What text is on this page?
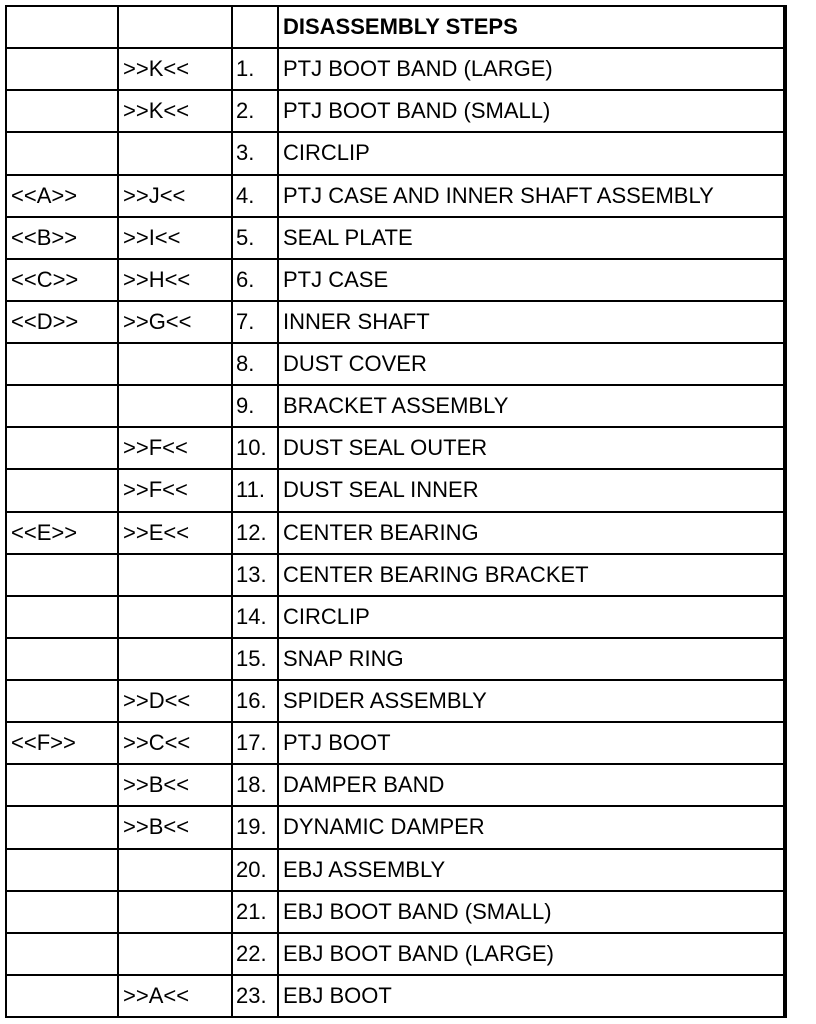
			DISASSEMBLY STEPS
	>>K<<	1.	PTJ BOOT BAND (LARGE)
	>>K<<	2.	PTJ BOOT BAND (SMALL)
		3.	CIRCLIP
<<A>>	>>J<<	4.	PTJ CASE AND INNER SHAFT ASSEMBLY
<<B>>	>>I<<	5.	SEAL PLATE
<<C>>	>>H<<	6.	PTJ CASE
<<D>>	>>G<<	7.	INNER SHAFT
		8.	DUST COVER
		9.	BRACKET ASSEMBLY
	>>F<<	10.	DUST SEAL OUTER
	>>F<<	11.	DUST SEAL INNER
<<E>>	>>E<<	12.	CENTER BEARING
		13.	CENTER BEARING BRACKET
		14.	CIRCLIP
		15.	SNAP RING
	>>D<<	16.	SPIDER ASSEMBLY
<<F>>	>>C<<	17.	PTJ BOOT
	>>B<<	18.	DAMPER BAND
	>>B<<	19.	DYNAMIC DAMPER
		20.	EBJ ASSEMBLY
		21.	EBJ BOOT BAND (SMALL)
		22.	EBJ BOOT BAND (LARGE)
	>>A<<	23.	EBJ BOOT
